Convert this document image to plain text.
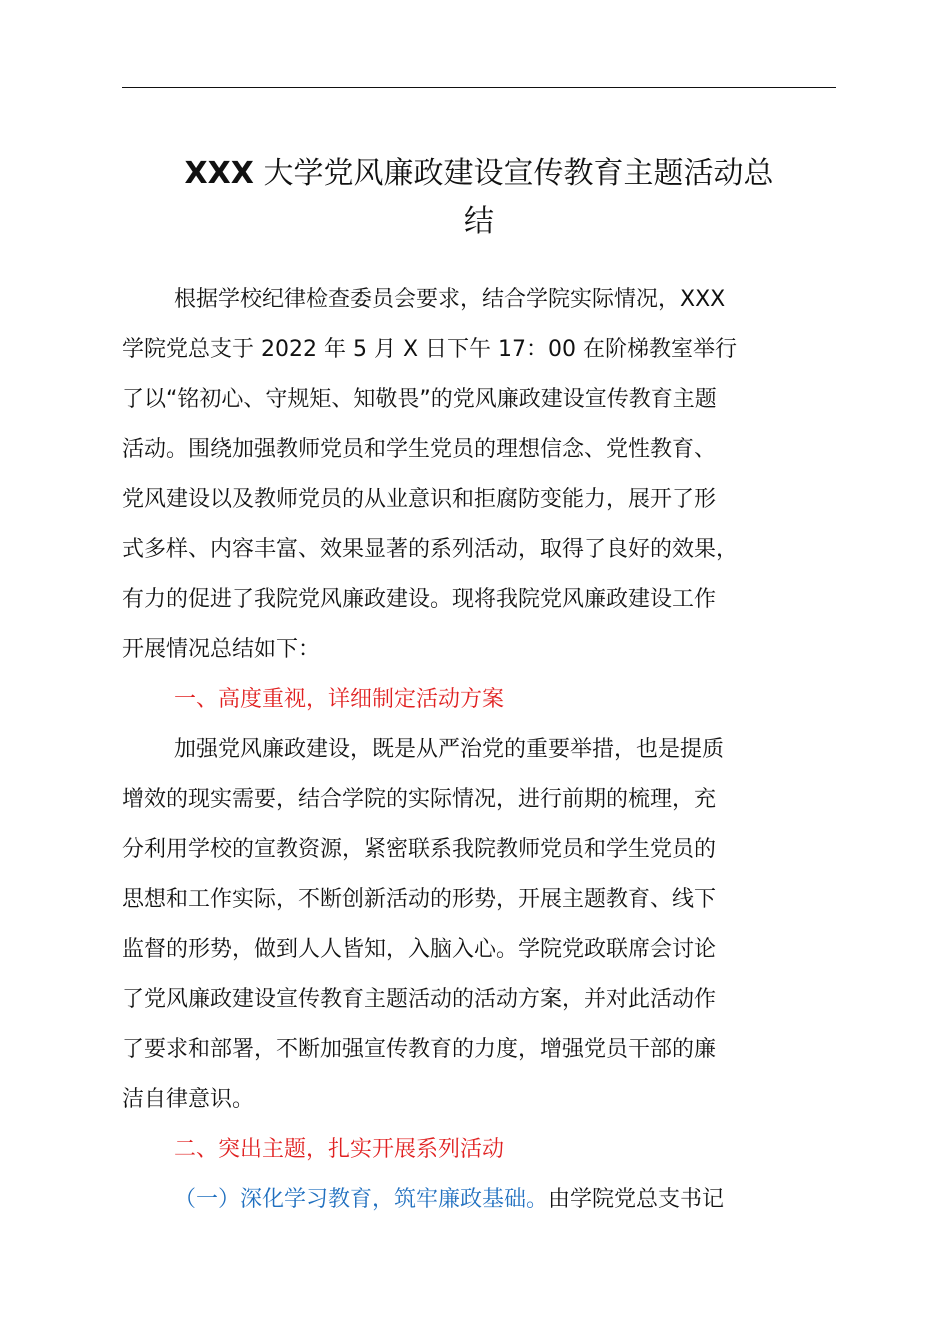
XXX 大学党风廉政建设宣传教育主题活动总
结
根据学校纪律检查委员会要求，结合学院实际情况，XXX
学院党总支于 2022 年 5 月 X 日下午 17：00 在阶梯教室举行
了以“铭初心、守规矩、知敬畏”的党风廉政建设宣传教育主题
活动。围绕加强教师党员和学生党员的理想信念、党性教育、
党风建设以及教师党员的从业意识和拒腐防变能力，展开了形
式多样、内容丰富、效果显著的系列活动，取得了良好的效果，
有力的促进了我院党风廉政建设。现将我院党风廉政建设工作
开展情况总结如下：
一、高度重视，详细制定活动方案
加强党风廉政建设，既是从严治党的重要举措，也是提质
增效的现实需要，结合学院的实际情况，进行前期的梳理，充
分利用学校的宣教资源，紧密联系我院教师党员和学生党员的
思想和工作实际，不断创新活动的形势，开展主题教育、线下
监督的形势，做到人人皆知，入脑入心。学院党政联席会讨论
了党风廉政建设宣传教育主题活动的活动方案，并对此活动作
了要求和部署，不断加强宣传教育的力度，增强党员干部的廉
洁自律意识。
二、突出主题，扎实开展系列活动
（一）深化学习教育，筑牢廉政基础。由学院党总支书记
